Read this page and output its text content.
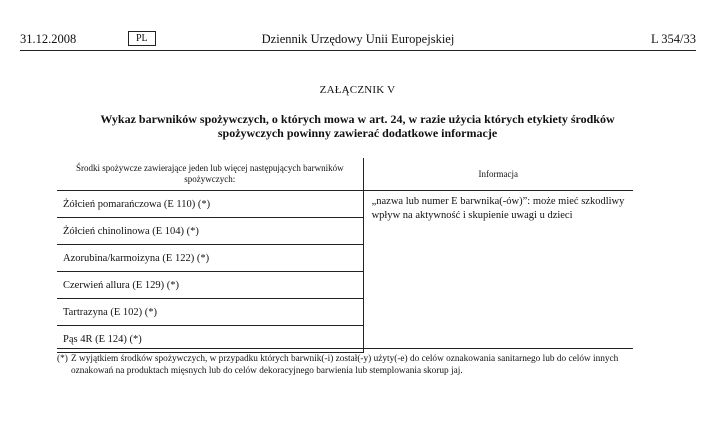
31.12.2008	PL	Dziennik Urzędowy Unii Europejskiej	L 354/33
ZAŁĄCZNIK V
Wykaz barwników spożywczych, o których mowa w art. 24, w razie użycia których etykiety środków spożywczych powinny zawierać dodatkowe informacje
Środki spożywcze zawierające jeden lub więcej następujących barwników spożywczych:	Informacja
Żółcień pomarańczowa (E 110) (*)	„nazwa lub numer E barwnika(-ów)”: może mieć szkodliwy wpływ na aktywność i skupienie uwagi u dzieci
Żółcień chinolinowa (E 104) (*)	
Azorubina/karmoizyna (E 122) (*)	
Czerwień allura (E 129) (*)	
Tartrazyna (E 102) (*)	
Pąs 4R (E 124) (*)	
(*) Z wyjątkiem środków spożywczych, w przypadku których barwnik(-i) został(-y) użyty(-e) do celów oznakowania sanitarnego lub do celów innych oznakowań na produktach mięsnych lub do celów dekoracyjnego barwienia lub stemplowania skorup jaj.
